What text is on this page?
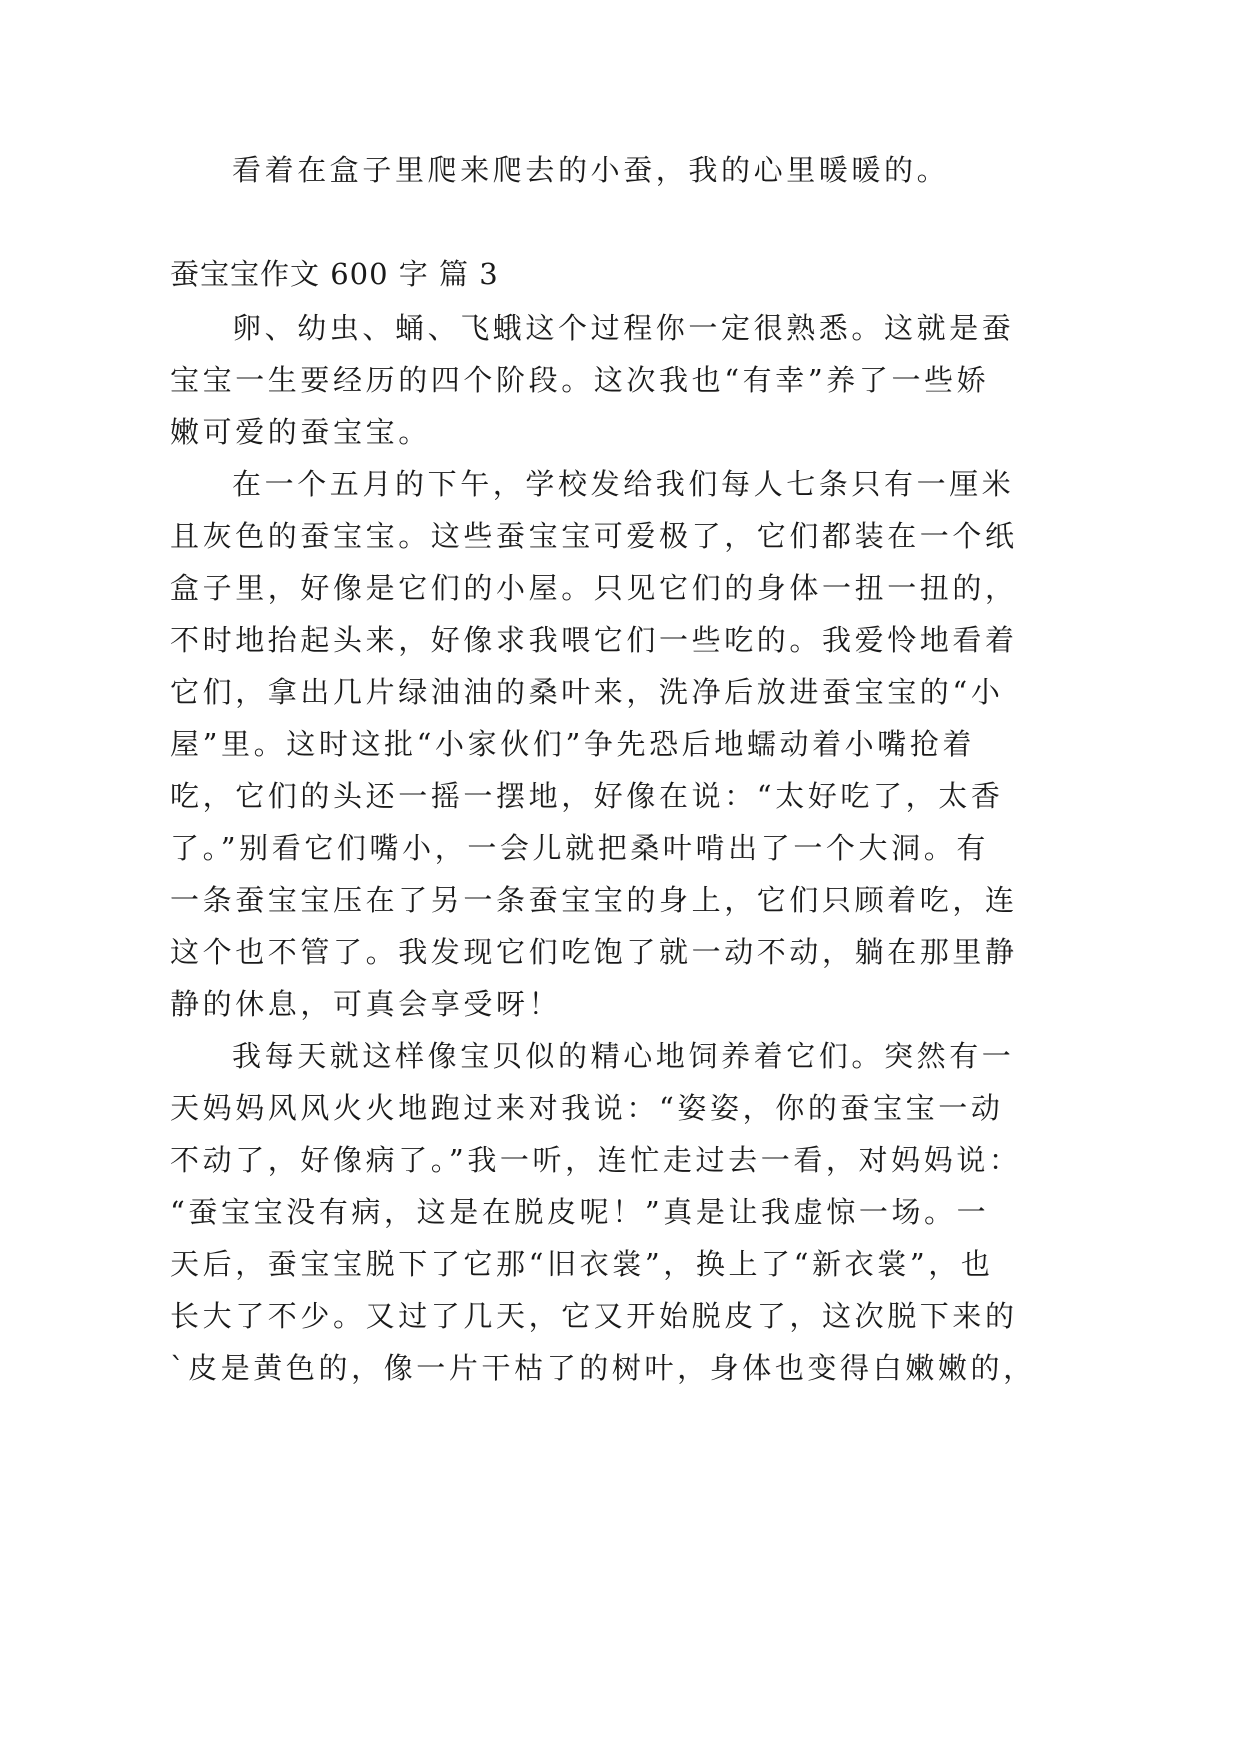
看着在盒子里爬来爬去的小蚕，我的心里暖暖的。
蚕宝宝作文 600 字 篇 3
卵、幼虫、蛹、飞蛾这个过程你一定很熟悉。这就是蚕
宝宝一生要经历的四个阶段。这次我也“有幸”养了一些娇
嫩可爱的蚕宝宝。
在一个五月的下午，学校发给我们每人七条只有一厘米
且灰色的蚕宝宝。这些蚕宝宝可爱极了，它们都装在一个纸
盒子里，好像是它们的小屋。只见它们的身体一扭一扭的，
不时地抬起头来，好像求我喂它们一些吃的。我爱怜地看着
它们，拿出几片绿油油的桑叶来，洗净后放进蚕宝宝的“小
屋”里。这时这批“小家伙们”争先恐后地蠕动着小嘴抢着
吃，它们的头还一摇一摆地，好像在说：“太好吃了，太香
了。”别看它们嘴小，一会儿就把桑叶啃出了一个大洞。有
一条蚕宝宝压在了另一条蚕宝宝的身上，它们只顾着吃，连
这个也不管了。我发现它们吃饱了就一动不动，躺在那里静
静的休息，可真会享受呀！
我每天就这样像宝贝似的精心地饲养着它们。突然有一
天妈妈风风火火地跑过来对我说：“姿姿，你的蚕宝宝一动
不动了，好像病了。”我一听，连忙走过去一看，对妈妈说：
“蚕宝宝没有病，这是在脱皮呢！”真是让我虚惊一场。一
天后，蚕宝宝脱下了它那“旧衣裳”，换上了“新衣裳”，也
长大了不少。又过了几天，它又开始脱皮了，这次脱下来的
`皮是黄色的，像一片干枯了的树叶，身体也变得白嫩嫩的，
